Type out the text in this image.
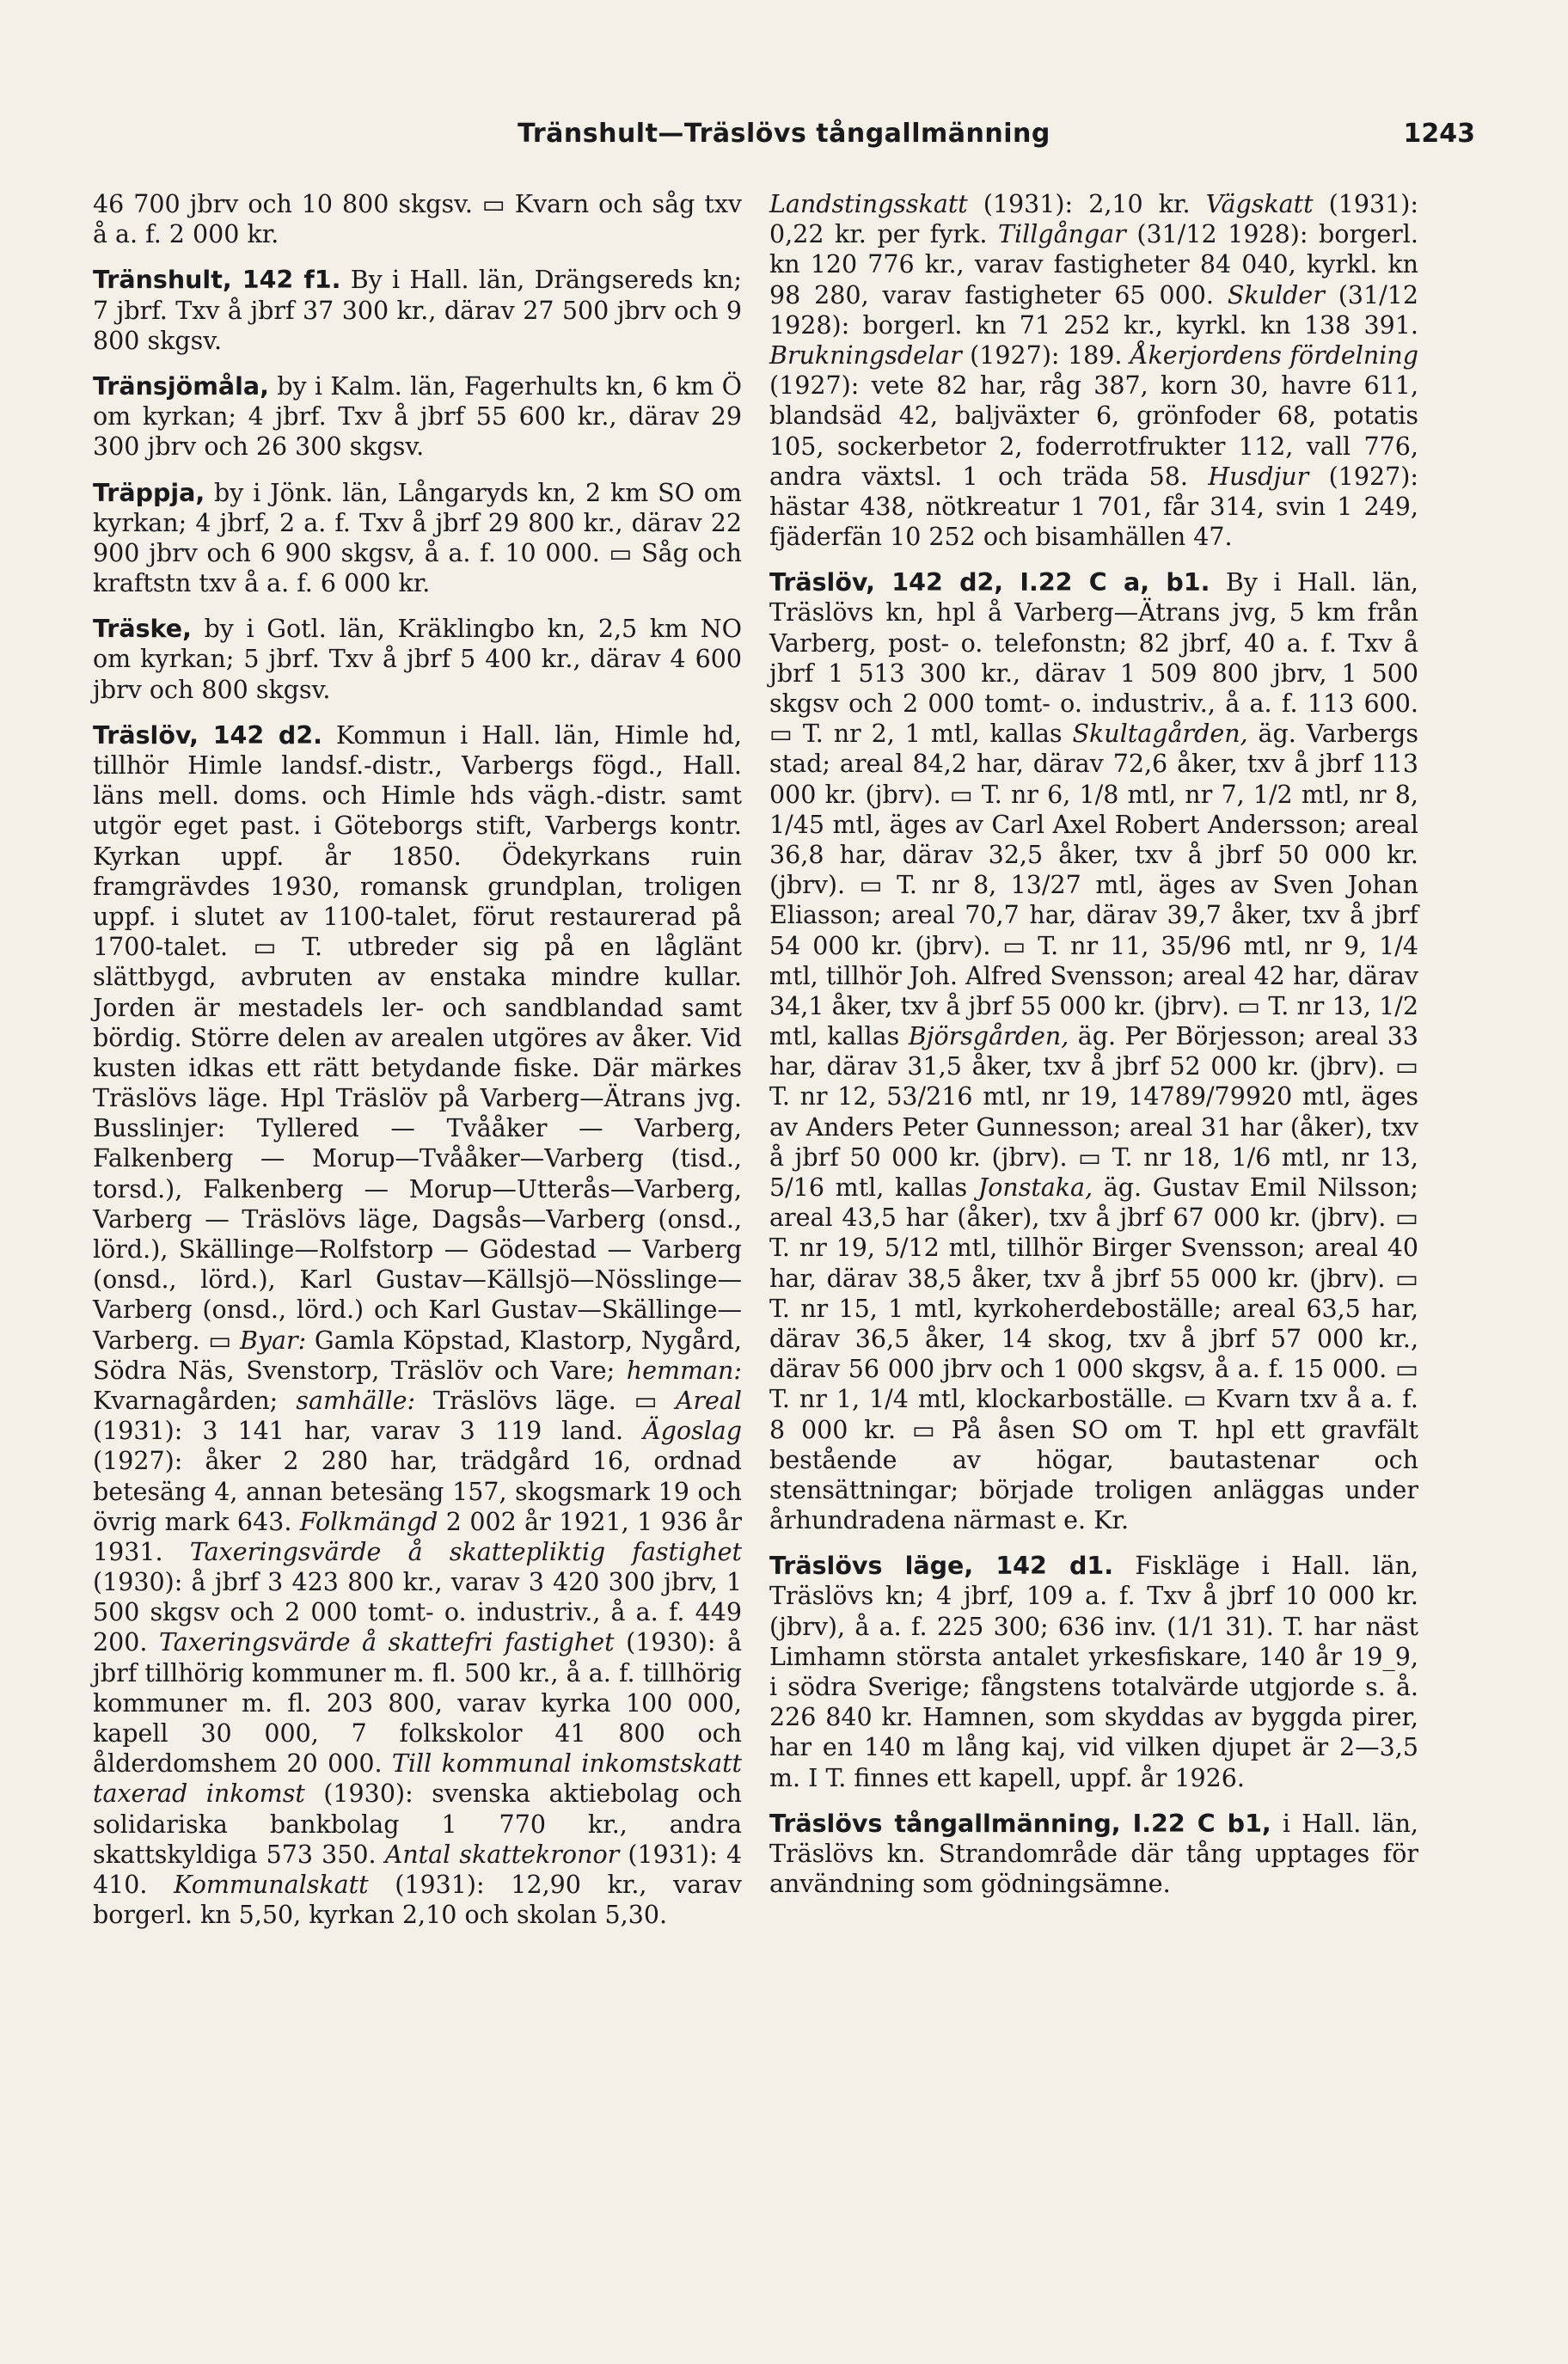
Tränshult—Träslövs tångallmänning	1243

46 700 jbrv och 10 800 skgsv. ▭ Kvarn och såg txv å a. f. 2 000 kr.

Tränshult, 142 f1. By i Hall. län, Drängsereds kn; 7 jbrf. Txv å jbrf 37 300 kr., därav 27 500 jbrv och 9 800 skgsv.

Tränsjömåla, by i Kalm. län, Fagerhults kn, 6 km Ö om kyrkan; 4 jbrf. Txv å jbrf 55 600 kr., därav 29 300 jbrv och 26 300 skgsv.

Träppja, by i Jönk. län, Långaryds kn, 2 km SO om kyrkan; 4 jbrf, 2 a. f. Txv å jbrf 29 800 kr., därav 22 900 jbrv och 6 900 skgsv, å a. f. 10 000. ▭ Såg och kraftstn txv å a. f. 6 000 kr.

Träske, by i Gotl. län, Kräklingbo kn, 2,5 km NO om kyrkan; 5 jbrf. Txv å jbrf 5 400 kr., därav 4 600 jbrv och 800 skgsv.

Träslöv, 142 d2. Kommun i Hall. län, Himle hd, tillhör Himle landsf.-distr., Varbergs fögd., Hall. läns mell. doms. och Himle hds vägh.-distr. samt utgör eget past. i Göteborgs stift, Varbergs kontr. Kyrkan uppf. år 1850. Ödekyrkans ruin framgrävdes 1930, romansk grundplan, troligen uppf. i slutet av 1100-talet, förut restaurerad på 1700-talet. ▭ T. utbreder sig på en låglänt slättbygd, avbruten av enstaka mindre kullar. Jorden är mestadels ler- och sandblandad samt bördig. Större delen av arealen utgöres av åker. Vid kusten idkas ett rätt betydande fiske. Där märkes Träslövs läge. Hpl Träslöv på Varberg—Ätrans jvg. Busslinjer: Tyllered — Tvååker — Varberg, Falkenberg — Morup—Tvååker—Varberg (tisd., torsd.), Falkenberg — Morup—Utterås—Varberg, Varberg — Träslövs läge, Dagsås—Varberg (onsd., lörd.), Skällinge—Rolfstorp — Gödestad — Varberg (onsd., lörd.), Karl Gustav—Källsjö—Nösslinge—Varberg (onsd., lörd.) och Karl Gustav—Skällinge—Varberg. ▭ Byar: Gamla Köpstad, Klastorp, Nygård, Södra Näs, Svenstorp, Träslöv och Vare; hemman: Kvarnagården; samhälle: Träslövs läge. ▭ Areal (1931): 3 141 har, varav 3 119 land. Ägoslag (1927): åker 2 280 har, trädgård 16, ordnad betesäng 4, annan betesäng 157, skogsmark 19 och övrig mark 643. Folkmängd 2 002 år 1921, 1 936 år 1931. Taxeringsvärde å skattepliktig fastighet (1930): å jbrf 3 423 800 kr., varav 3 420 300 jbrv, 1 500 skgsv och 2 000 tomt- o. industriv., å a. f. 449 200. Taxeringsvärde å skattefri fastighet (1930): å jbrf tillhörig kommuner m. fl. 500 kr., å a. f. tillhörig kommuner m. fl. 203 800, varav kyrka 100 000, kapell 30 000, 7 folkskolor 41 800 och ålderdomshem 20 000. Till kommunal inkomstskatt taxerad inkomst (1930): svenska aktiebolag och solidariska bankbolag 1 770 kr., andra skattskyldiga 573 350. Antal skattekronor (1931): 4 410. Kommunalskatt (1931): 12,90 kr., varav borgerl. kn 5,50, kyrkan 2,10 och skolan 5,30.

Landstingsskatt (1931): 2,10 kr. Vägskatt (1931): 0,22 kr. per fyrk. Tillgångar (31/12 1928): borgerl. kn 120 776 kr., varav fastigheter 84 040, kyrkl. kn 98 280, varav fastigheter 65 000. Skulder (31/12 1928): borgerl. kn 71 252 kr., kyrkl. kn 138 391. Brukningsdelar (1927): 189. Åkerjordens fördelning (1927): vete 82 har, råg 387, korn 30, havre 611, blandsäd 42, baljväxter 6, grönfoder 68, potatis 105, sockerbetor 2, foderrotfrukter 112, vall 776, andra växtsl. 1 och träda 58. Husdjur (1927): hästar 438, nötkreatur 1 701, får 314, svin 1 249, fjäderfän 10 252 och bisamhällen 47.

Träslöv, 142 d2, I.22 C a, b1. By i Hall. län, Träslövs kn, hpl å Varberg—Ätrans jvg, 5 km från Varberg, post- o. telefonstn; 82 jbrf, 40 a. f. Txv å jbrf 1 513 300 kr., därav 1 509 800 jbrv, 1 500 skgsv och 2 000 tomt- o. industriv., å a. f. 113 600. ▭ T. nr 2, 1 mtl, kallas Skultagården, äg. Varbergs stad; areal 84,2 har, därav 72,6 åker, txv å jbrf 113 000 kr. (jbrv). ▭ T. nr 6, 1/8 mtl, nr 7, 1/2 mtl, nr 8, 1/45 mtl, äges av Carl Axel Robert Andersson; areal 36,8 har, därav 32,5 åker, txv å jbrf 50 000 kr. (jbrv). ▭ T. nr 8, 13/27 mtl, äges av Sven Johan Eliasson; areal 70,7 har, därav 39,7 åker, txv å jbrf 54 000 kr. (jbrv). ▭ T. nr 11, 35/96 mtl, nr 9, 1/4 mtl, tillhör Joh. Alfred Svensson; areal 42 har, därav 34,1 åker, txv å jbrf 55 000 kr. (jbrv). ▭ T. nr 13, 1/2 mtl, kallas Björsgården, äg. Per Börjesson; areal 33 har, därav 31,5 åker, txv å jbrf 52 000 kr. (jbrv). ▭ T. nr 12, 53/216 mtl, nr 19, 14789/79920 mtl, äges av Anders Peter Gunnesson; areal 31 har (åker), txv å jbrf 50 000 kr. (jbrv). ▭ T. nr 18, 1/6 mtl, nr 13, 5/16 mtl, kallas Jonstaka, äg. Gustav Emil Nilsson; areal 43,5 har (åker), txv å jbrf 67 000 kr. (jbrv). ▭ T. nr 19, 5/12 mtl, tillhör Birger Svensson; areal 40 har, därav 38,5 åker, txv å jbrf 55 000 kr. (jbrv). ▭ T. nr 15, 1 mtl, kyrkoherdeboställe; areal 63,5 har, därav 36,5 åker, 14 skog, txv å jbrf 57 000 kr., därav 56 000 jbrv och 1 000 skgsv, å a. f. 15 000. ▭ T. nr 1, 1/4 mtl, klockarboställe. ▭ Kvarn txv å a. f. 8 000 kr. ▭ På åsen SO om T. hpl ett gravfält bestående av högar, bautastenar och stensättningar; började troligen anläggas under århundradena närmast e. Kr.

Träslövs läge, 142 d1. Fiskläge i Hall. län, Träslövs kn; 4 jbrf, 109 a. f. Txv å jbrf 10 000 kr. (jbrv), å a. f. 225 300; 636 inv. (1/1 31). T. har näst Limhamn största antalet yrkesfiskare, 140 år 19_9, i södra Sverige; fångstens totalvärde utgjorde s. å. 226 840 kr. Hamnen, som skyddas av byggda pirer, har en 140 m lång kaj, vid vilken djupet är 2—3,5 m. I T. finnes ett kapell, uppf. år 1926.

Träslövs tångallmänning, I.22 C b1, i Hall. län, Träslövs kn. Strandområde där tång upptages för användning som gödningsämne.
